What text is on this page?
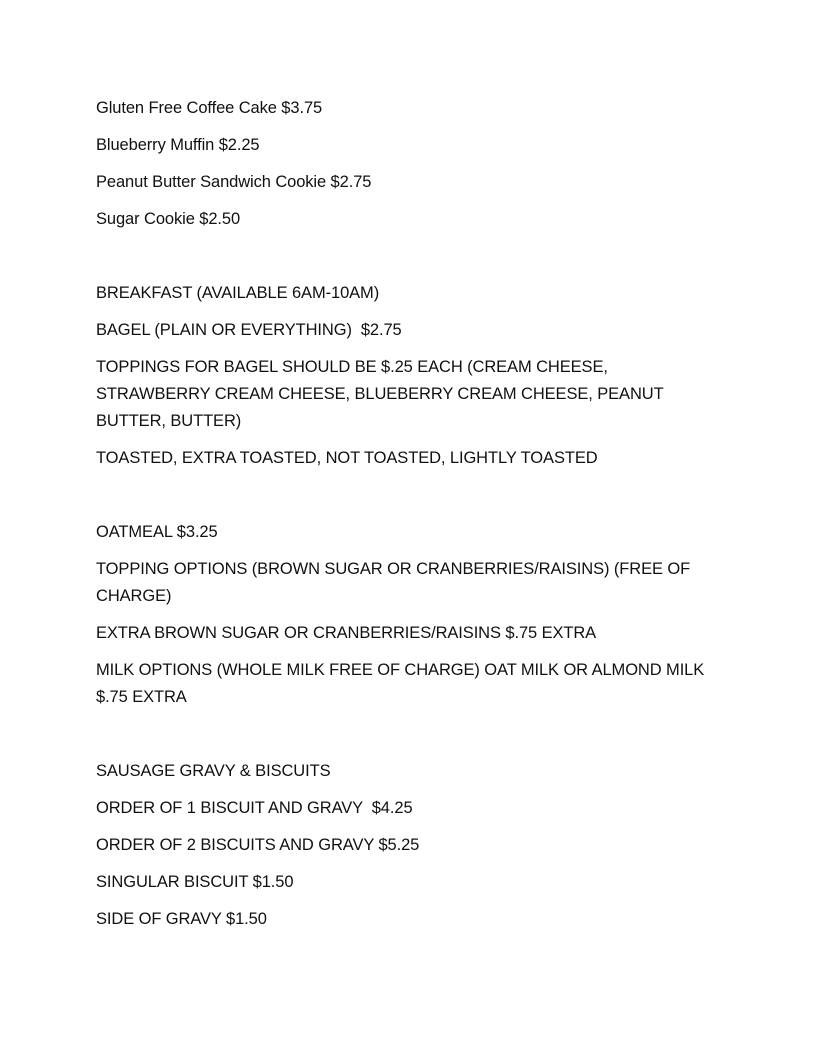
Gluten Free Coffee Cake $3.75

Blueberry Muffin $2.25

Peanut Butter Sandwich Cookie $2.75

Sugar Cookie $2.50

BREAKFAST (AVAILABLE 6AM-10AM)

BAGEL (PLAIN OR EVERYTHING)  $2.75

TOPPINGS FOR BAGEL SHOULD BE $.25 EACH (CREAM CHEESE, STRAWBERRY CREAM CHEESE, BLUEBERRY CREAM CHEESE, PEANUT BUTTER, BUTTER)

TOASTED, EXTRA TOASTED, NOT TOASTED, LIGHTLY TOASTED

OATMEAL $3.25

TOPPING OPTIONS (BROWN SUGAR OR CRANBERRIES/RAISINS) (FREE OF CHARGE)

EXTRA BROWN SUGAR OR CRANBERRIES/RAISINS $.75 EXTRA

MILK OPTIONS (WHOLE MILK FREE OF CHARGE) OAT MILK OR ALMOND MILK $.75 EXTRA

SAUSAGE GRAVY & BISCUITS

ORDER OF 1 BISCUIT AND GRAVY  $4.25

ORDER OF 2 BISCUITS AND GRAVY $5.25

SINGULAR BISCUIT $1.50

SIDE OF GRAVY $1.50
